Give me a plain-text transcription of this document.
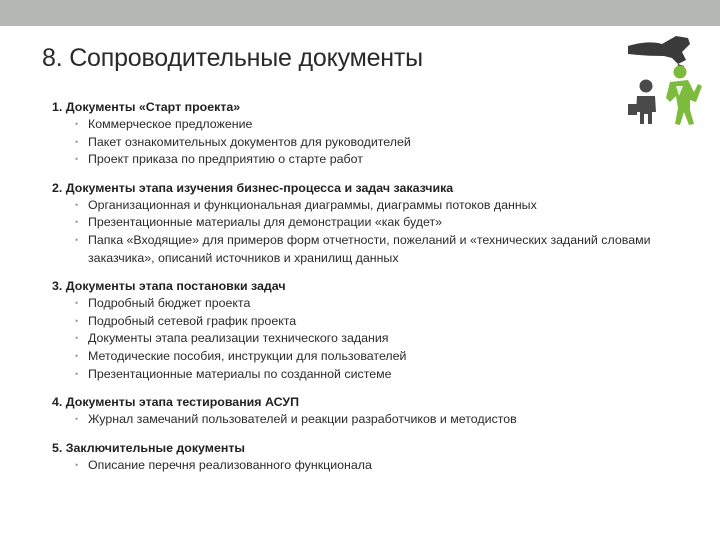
8. Сопроводительные документы
1. Документы «Старт проекта»
• Коммерческое предложение
• Пакет ознакомительных документов для руководителей
• Проект приказа по предприятию о старте работ
2. Документы этапа изучения бизнес-процесса и задач заказчика
• Организационная и функциональная диаграммы, диаграммы потоков данных
• Презентационные материалы для демонстрации «как будет»
• Папка «Входящие» для примеров форм отчетности, пожеланий и «технических заданий словами заказчика», описаний источников и хранилищ данных
3. Документы этапа постановки задач
• Подробный бюджет проекта
• Подробный сетевой график проекта
• Документы этапа реализации технического задания
• Методические пособия, инструкции для пользователей
• Презентационные материалы по созданной системе
4. Документы этапа тестирования АСУП
• Журнал замечаний пользователей и реакции разработчиков и методистов
5. Заключительные документы
• Описание перечня реализованного функционала
